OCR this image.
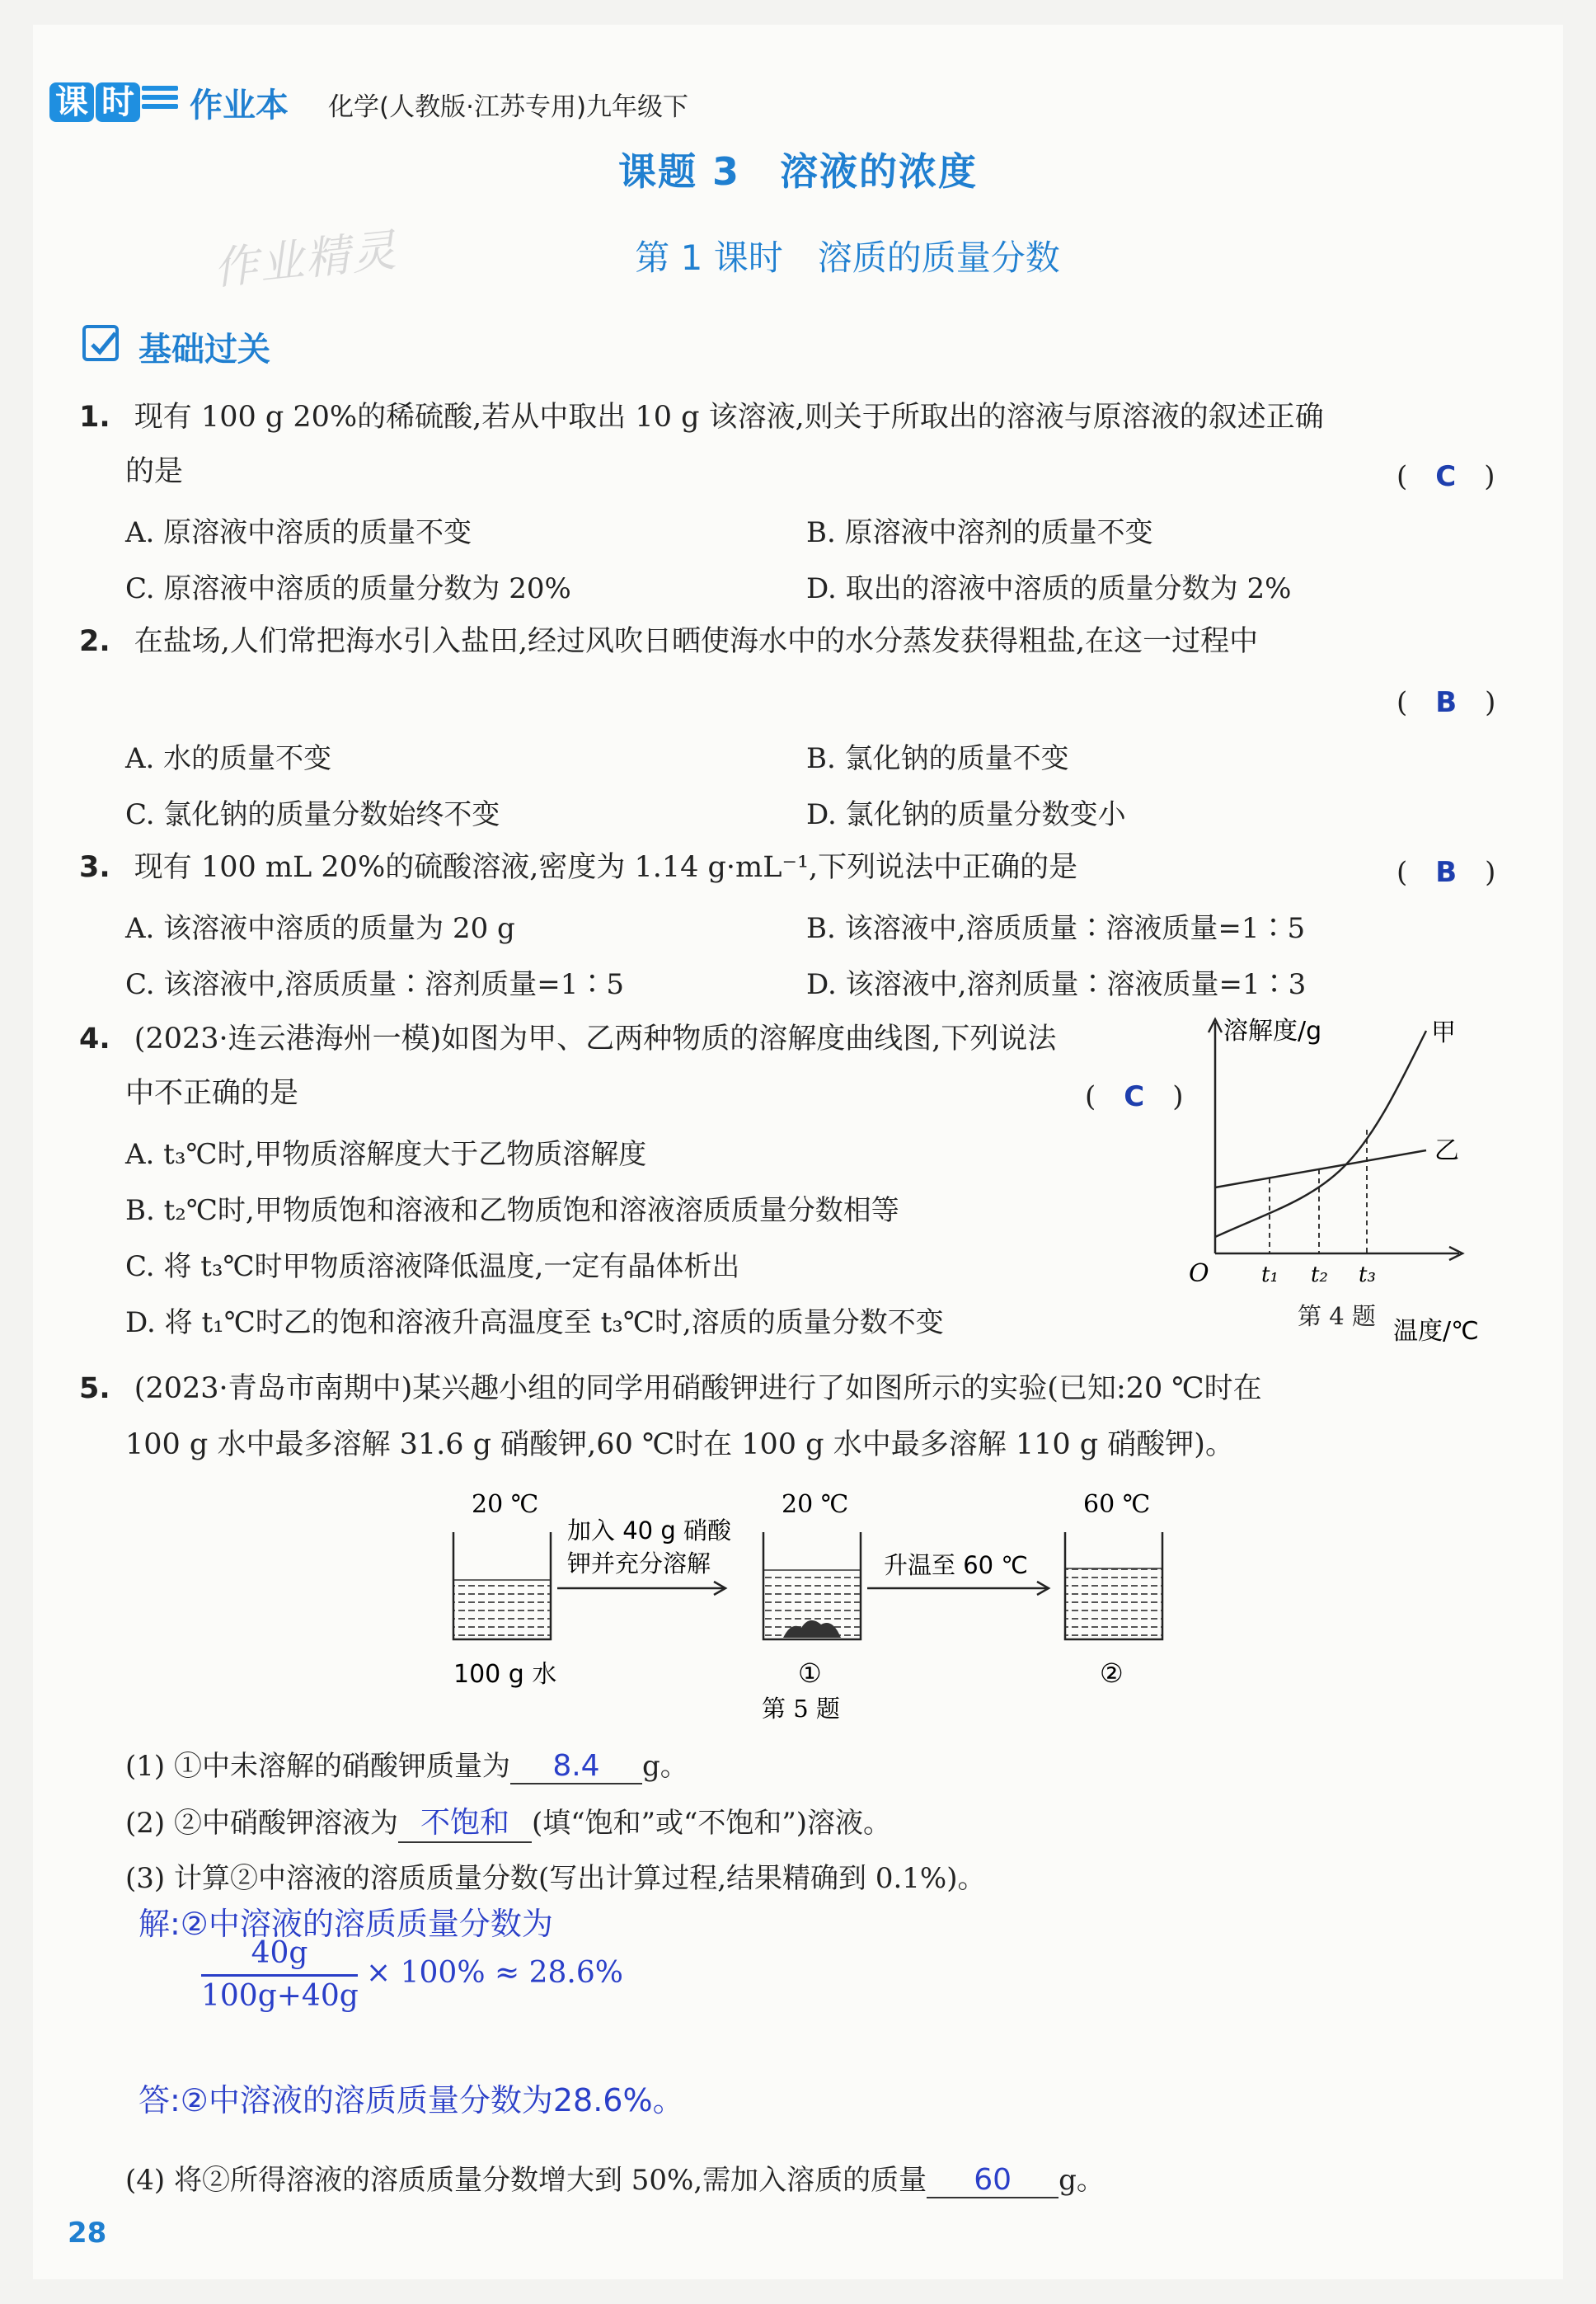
课 时 作业本 化学(人教版·江苏专用)九年级下
课题 3　溶液的浓度
作业精灵	第 1 课时　溶质的质量分数
基础过关
1. 现有 100 g 20%的稀硫酸,若从中取出 10 g 该溶液,则关于所取出的溶液与原溶液的叙述正确
的是	(　C　)
A. 原溶液中溶质的质量不变	B. 原溶液中溶剂的质量不变
C. 原溶液中溶质的质量分数为 20%	D. 取出的溶液中溶质的质量分数为 2%
2. 在盐场,人们常把海水引入盐田,经过风吹日晒使海水中的水分蒸发获得粗盐,在这一过程中
(　B　)
A. 水的质量不变	B. 氯化钠的质量不变
C. 氯化钠的质量分数始终不变	D. 氯化钠的质量分数变小
3. 现有 100 mL 20%的硫酸溶液,密度为 1.14 g·mL⁻¹,下列说法中正确的是	(　B　)
A. 该溶液中溶质的质量为 20 g	B. 该溶液中,溶质质量∶溶液质量=1∶5
C. 该溶液中,溶质质量∶溶剂质量=1∶5	D. 该溶液中,溶剂质量∶溶液质量=1∶3
4. (2023·连云港海州一模)如图为甲、乙两种物质的溶解度曲线图,下列说法
中不正确的是	(　C　)
A. t₃℃时,甲物质溶解度大于乙物质溶解度
B. t₂℃时,甲物质饱和溶液和乙物质饱和溶液溶质质量分数相等
C. 将 t₃℃时甲物质溶液降低温度,一定有晶体析出
D. 将 t₁℃时乙的饱和溶液升高温度至 t₃℃时,溶质的质量分数不变
溶解度/g
温度/℃
O t₁ t₂ t₃
甲
乙
第 4 题
5. (2023·青岛市南期中)某兴趣小组的同学用硝酸钾进行了如图所示的实验(已知:20 ℃时在
100 g 水中最多溶解 31.6 g 硝酸钾,60 ℃时在 100 g 水中最多溶解 110 g 硝酸钾)。
20 ℃	20 ℃	60 ℃
加入 40 g 硝酸
钾并充分溶解	升温至 60 ℃
100 g 水	①	②
第 5 题
(1) ①中未溶解的硝酸钾质量为 8.4 g。
(2) ②中硝酸钾溶液为 不饱和 (填“饱和”或“不饱和”)溶液。
(3) 计算②中溶液的溶质质量分数(写出计算过程,结果精确到 0.1%)。
解:②中溶液的溶质质量分数为
40g
100g+40g
× 100% ≈ 28.6%
答:②中溶液的溶质质量分数为28.6%。
(4) 将②所得溶液的溶质质量分数增大到 50%,需加入溶质的质量 60 g。
28
